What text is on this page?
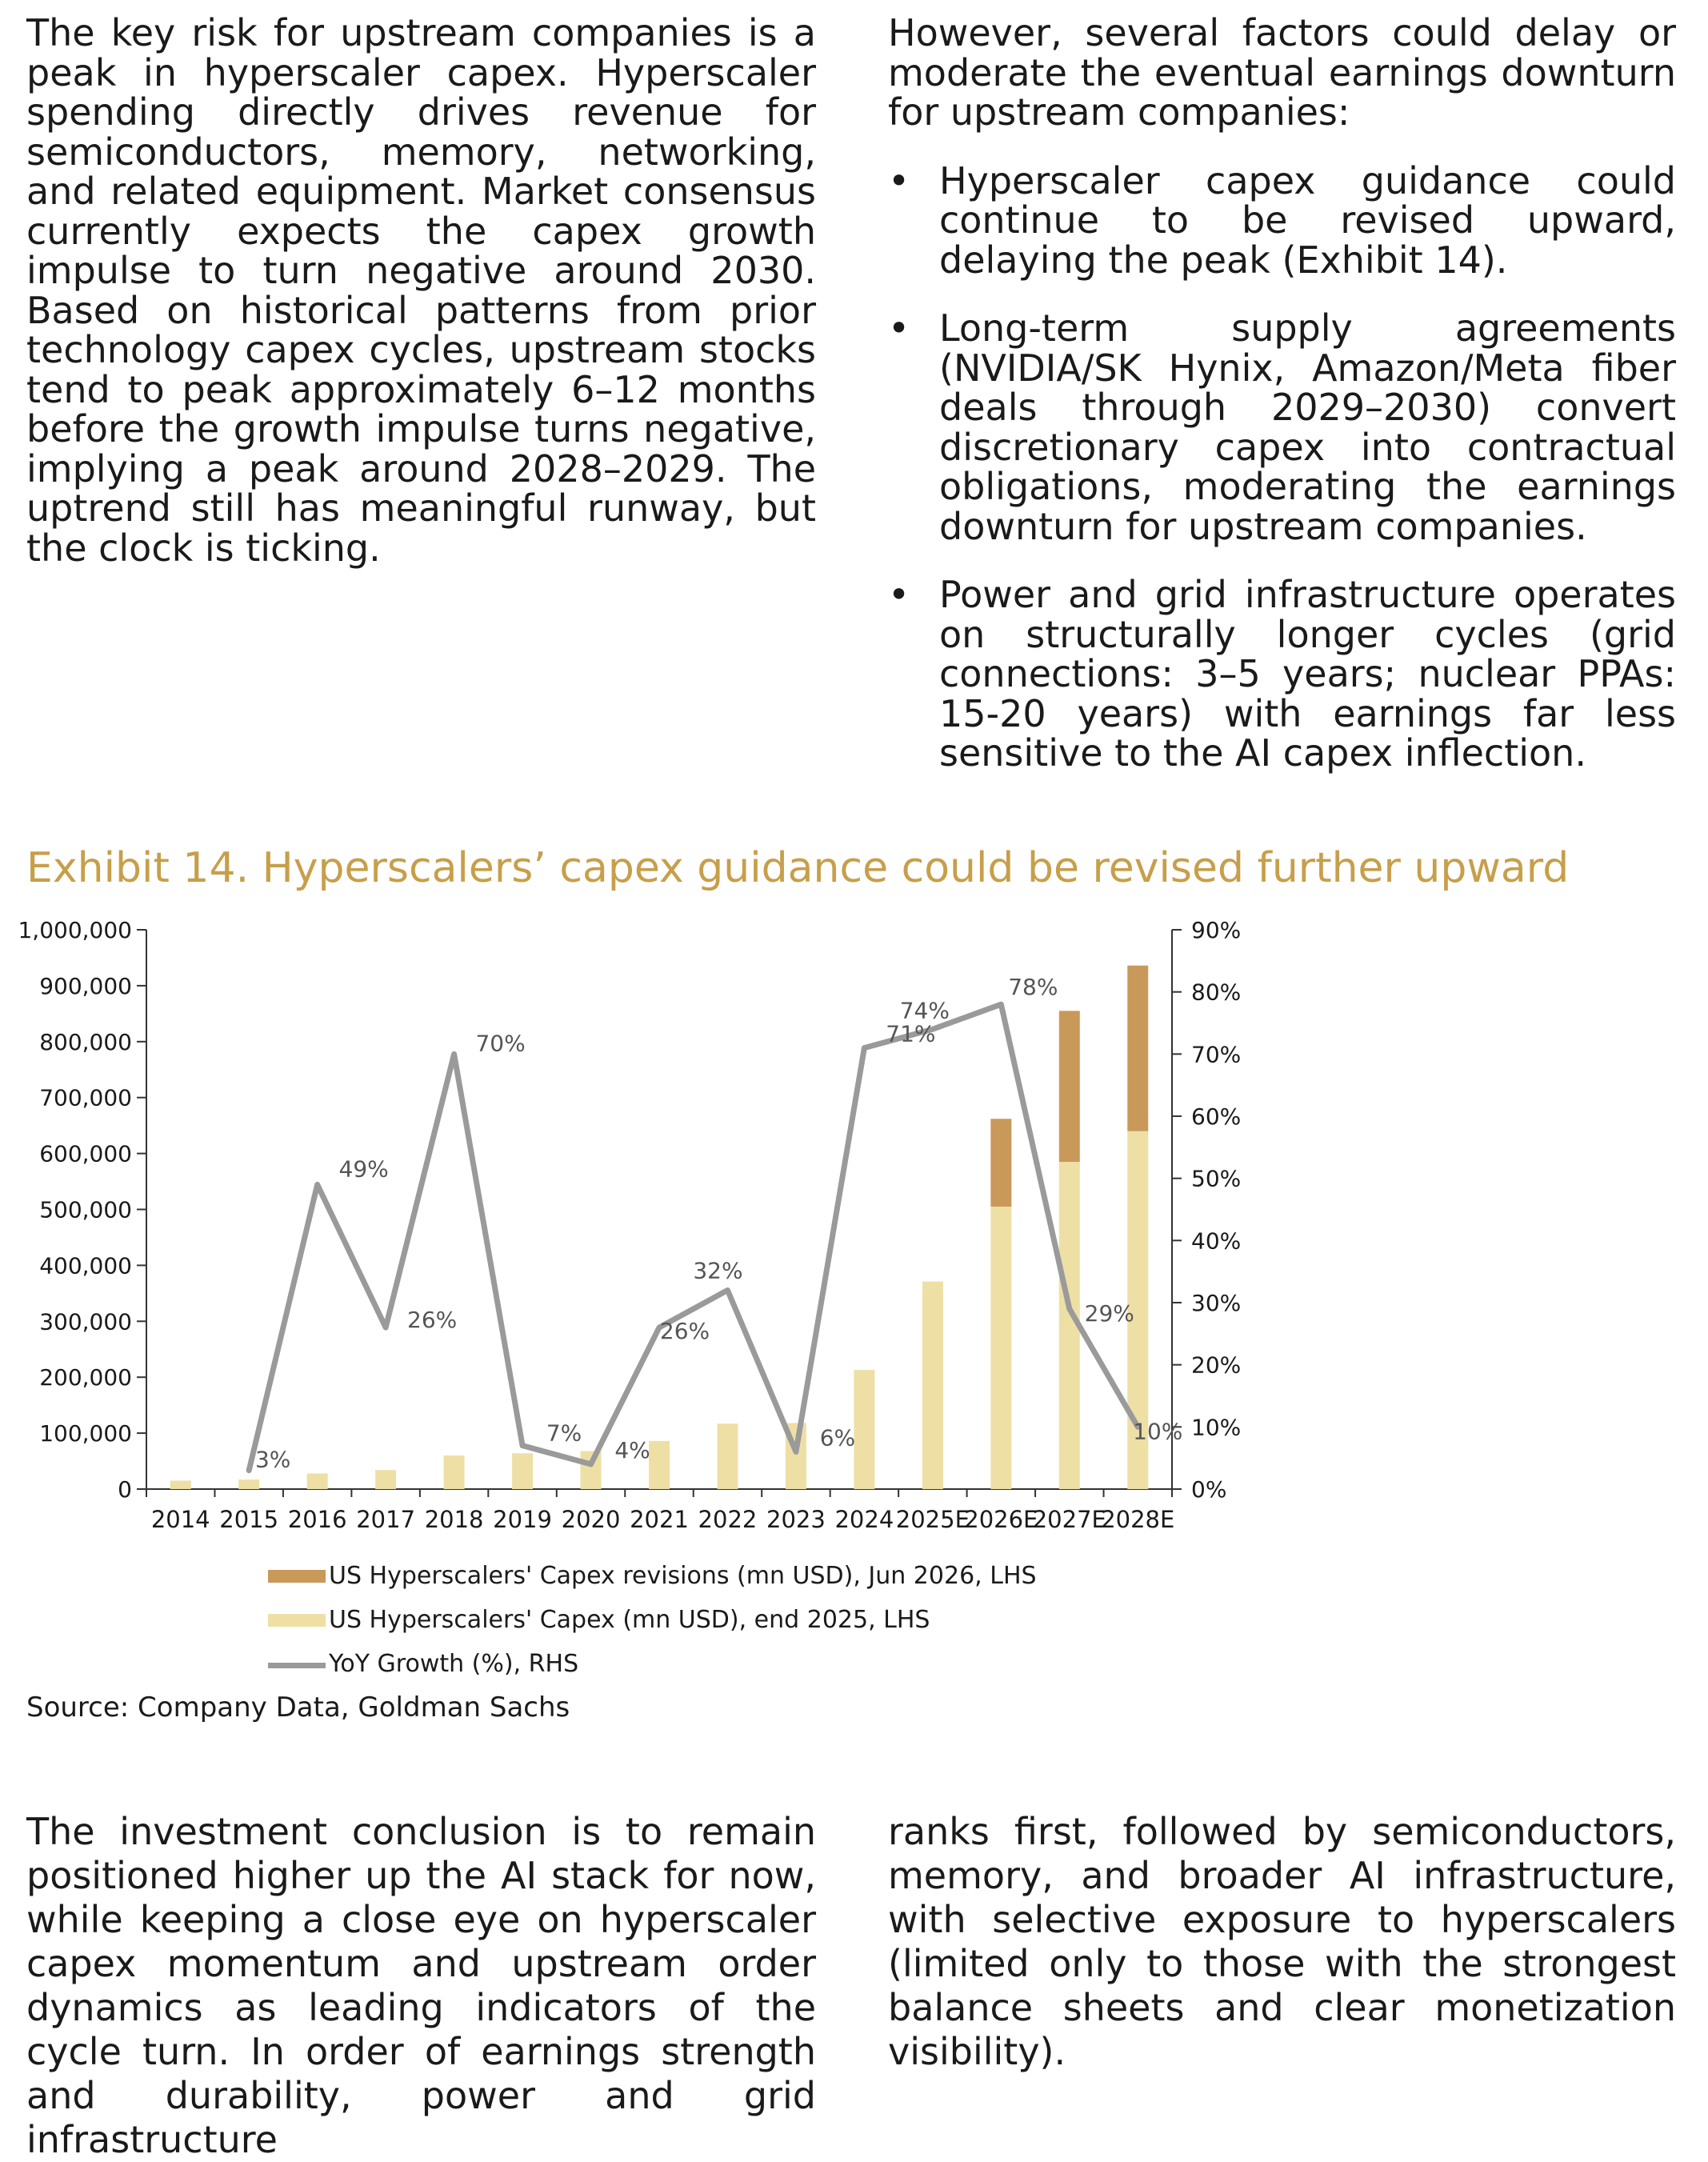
The key risk for upstream companies is a peak in hyperscaler capex. Hyperscaler spending directly drives revenue for semiconductors, memory, networking, and related equipment. Market consensus currently expects the capex growth impulse to turn negative around 2030. Based on historical patterns from prior technology capex cycles, upstream stocks tend to peak approximately 6–12 months before the growth impulse turns negative, implying a peak around 2028–2029. The uptrend still has meaningful runway, but the clock is ticking.

However, several factors could delay or moderate the eventual earnings downturn for upstream companies:

• Hyperscaler capex guidance could continue to be revised upward, delaying the peak (Exhibit 14).
• Long-term supply agreements (NVIDIA/SK Hynix, Amazon/Meta fiber deals through 2029–2030) convert discretionary capex into contractual obligations, moderating the earnings downturn for upstream companies.
• Power and grid infrastructure operates on structurally longer cycles (grid connections: 3–5 years; nuclear PPAs: 15-20 years) with earnings far less sensitive to the AI capex inflection.
Exhibit 14. Hyperscalers’ capex guidance could be revised further upward
0
100,000
200,000
300,000
400,000
500,000
600,000
700,000
800,000
900,000
1,000,000
0%
10%
20%
30%
40%
50%
60%
70%
80%
90%
2014 2015 2016 2017 2018 2019 2020 2021 2022 2023 2024 2025E
2026E
2027E
2028E
3%
49%
26%
70%
7%
4%
26%
32%
6%
71%
74%
78%
29%
10%
US Hyperscalers' Capex revisions (mn USD), Jun 2026, LHS
US Hyperscalers' Capex (mn USD), end 2025, LHS
YoY Growth (%), RHS
Source: Company Data, Goldman Sachs

The investment conclusion is to remain positioned higher up the AI stack for now, while keeping a close eye on hyperscaler capex momentum and upstream order dynamics as leading indicators of the cycle turn. In order of earnings strength and durability, power and grid infrastructure

ranks first, followed by semiconductors, memory, and broader AI infrastructure, with selective exposure to hyperscalers (limited only to those with the strongest balance sheets and clear monetization visibility).
